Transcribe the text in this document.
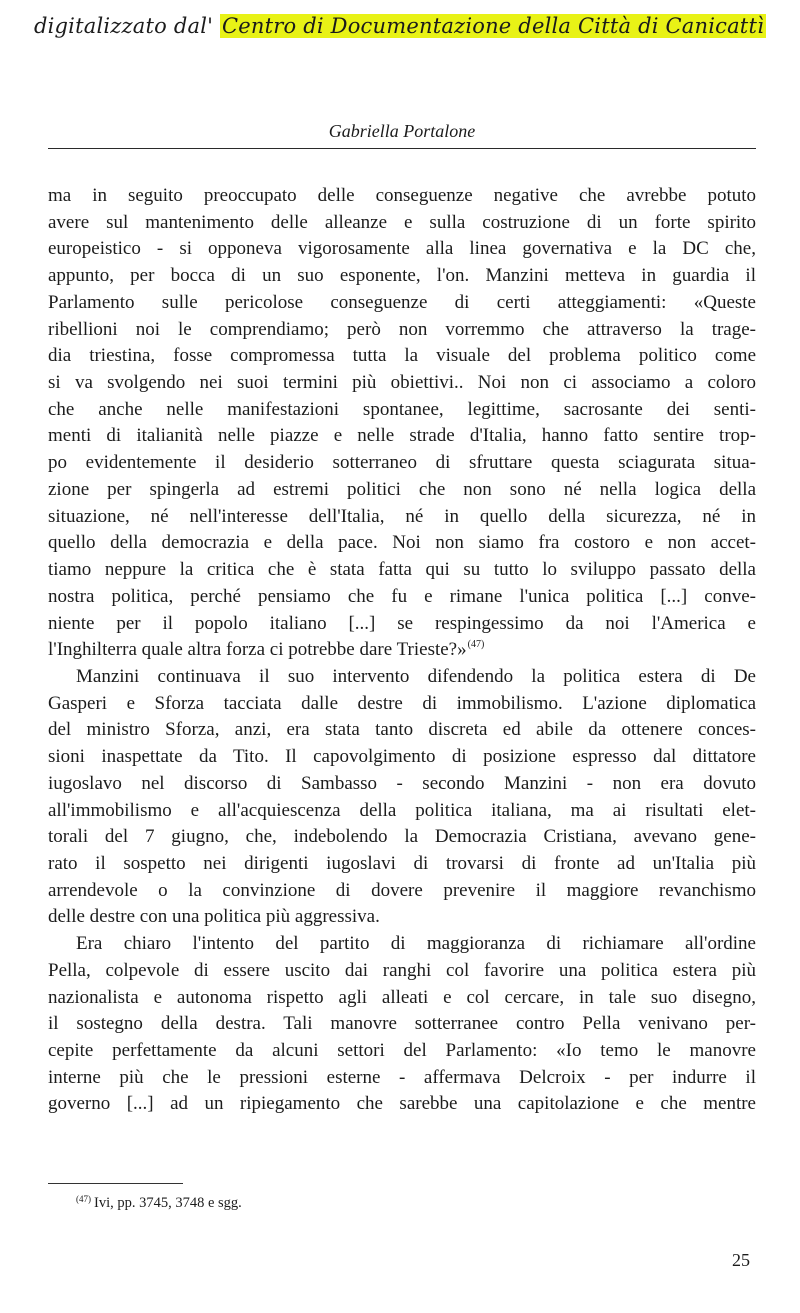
digitalizzato dal' Centro di Documentazione della Città di Canicattì
Gabriella Portalone
ma in seguito preoccupato delle conseguenze negative che avrebbe potuto
avere sul mantenimento delle alleanze e sulla costruzione di un forte spirito
europeistico - si opponeva vigorosamente alla linea governativa e la DC che,
appunto, per bocca di un suo esponente, l'on. Manzini metteva in guardia il
Parlamento sulle pericolose conseguenze di certi atteggiamenti: «Queste
ribellioni noi le comprendiamo; però non vorremmo che attraverso la trage-
dia triestina, fosse compromessa tutta la visuale del problema politico come
si va svolgendo nei suoi termini più obiettivi.. Noi non ci associamo a coloro
che anche nelle manifestazioni spontanee, legittime, sacrosante dei senti-
menti di italianità nelle piazze e nelle strade d'Italia, hanno fatto sentire trop-
po evidentemente il desiderio sotterraneo di sfruttare questa sciagurata situa-
zione per spingerla ad estremi politici che non sono né nella logica della
situazione, né nell'interesse dell'Italia, né in quello della sicurezza, né in
quello della democrazia e della pace. Noi non siamo fra costoro e non accet-
tiamo neppure la critica che è stata fatta qui su tutto lo sviluppo passato della
nostra politica, perché pensiamo che fu e rimane l'unica politica [...] conve-
niente per il popolo italiano [...] se respingessimo da noi l'America e
l'Inghilterra quale altra forza ci potrebbe dare Trieste?»$^{(47)}$
Manzini continuava il suo intervento difendendo la politica estera di De
Gasperi e Sforza tacciata dalle destre di immobilismo. L'azione diplomatica
del ministro Sforza, anzi, era stata tanto discreta ed abile da ottenere conces-
sioni inaspettate da Tito. Il capovolgimento di posizione espresso dal dittatore
iugoslavo nel discorso di Sambasso - secondo Manzini - non era dovuto
all'immobilismo e all'acquiescenza della politica italiana, ma ai risultati elet-
torali del 7 giugno, che, indebolendo la Democrazia Cristiana, avevano gene-
rato il sospetto nei dirigenti iugoslavi di trovarsi di fronte ad un'Italia più
arrendevole o la convinzione di dovere prevenire il maggiore revanchismo
delle destre con una politica più aggressiva.
Era chiaro l'intento del partito di maggioranza di richiamare all'ordine
Pella, colpevole di essere uscito dai ranghi col favorire una politica estera più
nazionalista e autonoma rispetto agli alleati e col cercare, in tale suo disegno,
il sostegno della destra. Tali manovre sotterranee contro Pella venivano per-
cepite perfettamente da alcuni settori del Parlamento: «Io temo le manovre
interne più che le pressioni esterne - affermava Delcroix - per indurre il
governo [...] ad un ripiegamento che sarebbe una capitolazione e che mentre
$^{(47)}$ Ivi, pp. 3745, 3748 e sgg.
25
